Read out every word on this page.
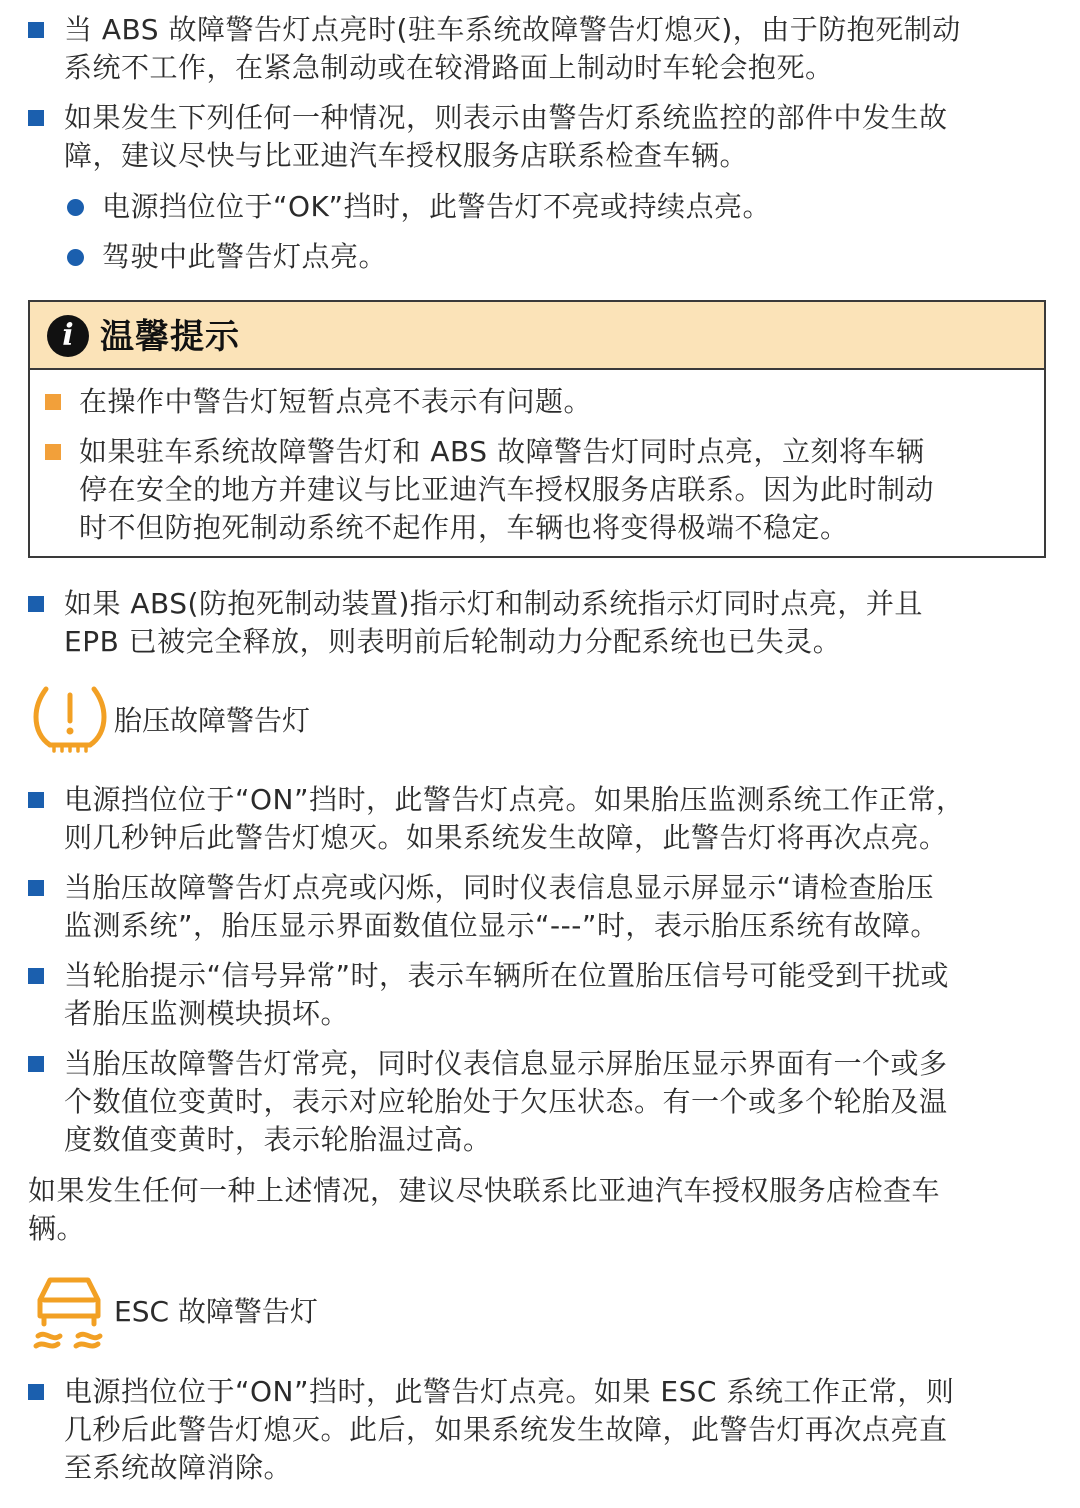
当 ABS 故障警告灯点亮时(驻车系统故障警告灯熄灭)，由于防抱死制动
系统不工作，在紧急制动或在较滑路面上制动时车轮会抱死。
如果发生下列任何一种情况，则表示由警告灯系统监控的部件中发生故
障，建议尽快与比亚迪汽车授权服务店联系检查车辆。
电源挡位位于“OK”挡时，此警告灯不亮或持续点亮。
驾驶中此警告灯点亮。
i 温馨提示
在操作中警告灯短暂点亮不表示有问题。
如果驻车系统故障警告灯和 ABS 故障警告灯同时点亮，立刻将车辆
停在安全的地方并建议与比亚迪汽车授权服务店联系。因为此时制动
时不但防抱死制动系统不起作用，车辆也将变得极端不稳定。
如果 ABS(防抱死制动装置)指示灯和制动系统指示灯同时点亮，并且
EPB 已被完全释放，则表明前后轮制动力分配系统也已失灵。
胎压故障警告灯
电源挡位位于“ON”挡时，此警告灯点亮。如果胎压监测系统工作正常，
则几秒钟后此警告灯熄灭。如果系统发生故障，此警告灯将再次点亮。
当胎压故障警告灯点亮或闪烁，同时仪表信息显示屏显示“请检查胎压
监测系统”，胎压显示界面数值位显示“---”时，表示胎压系统有故障。
当轮胎提示“信号异常”时，表示车辆所在位置胎压信号可能受到干扰或
者胎压监测模块损坏。
当胎压故障警告灯常亮，同时仪表信息显示屏胎压显示界面有一个或多
个数值位变黄时，表示对应轮胎处于欠压状态。有一个或多个轮胎及温
度数值变黄时，表示轮胎温过高。
如果发生任何一种上述情况，建议尽快联系比亚迪汽车授权服务店检查车
辆。
ESC 故障警告灯
电源挡位位于“ON”挡时，此警告灯点亮。如果 ESC 系统工作正常，则
几秒后此警告灯熄灭。此后，如果系统发生故障，此警告灯再次点亮直
至系统故障消除。
